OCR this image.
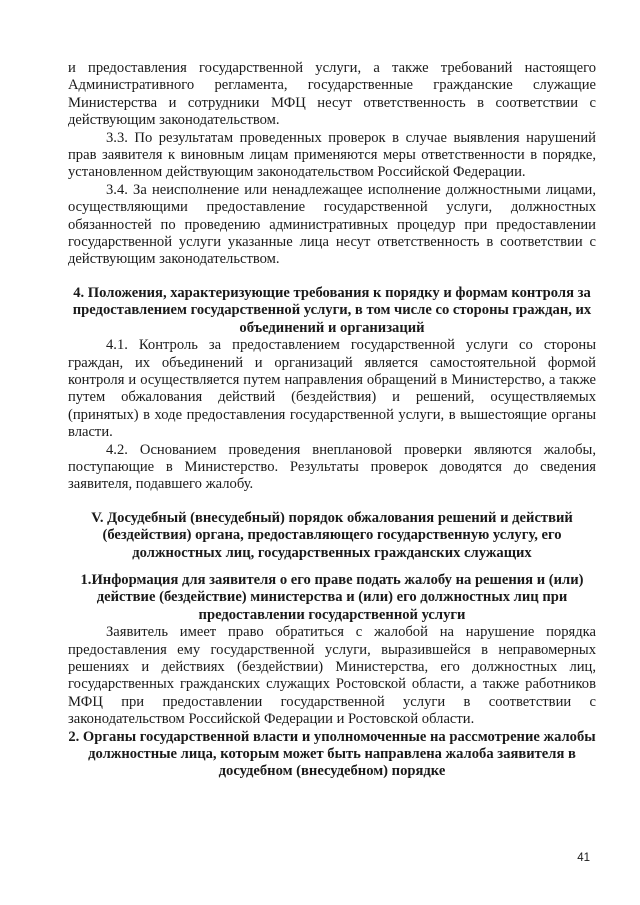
и предоставления государственной услуги, а также требований настоящего Административного регламента, государственные гражданские служащие Министерства и сотрудники МФЦ несут ответственность в соответствии с действующим законодательством.

3.3. По результатам проведенных проверок в случае выявления нарушений прав заявителя к виновным лицам применяются меры ответственности в порядке, установленном действующим законодательством Российской Федерации.

3.4. За неисполнение или ненадлежащее исполнение должностными лицами, осуществляющими предоставление государственной услуги, должностных обязанностей по проведению административных процедур при предоставлении государственной услуги указанные лица несут ответственность в соответствии с действующим законодательством.

4. Положения, характеризующие требования к порядку и формам контроля за предоставлением государственной услуги, в том числе со стороны граждан, их объединений и организаций

4.1. Контроль за предоставлением государственной услуги со стороны граждан, их объединений и организаций является самостоятельной формой контроля и осуществляется путем направления обращений в Министерство, а также путем обжалования действий (бездействия) и решений, осуществляемых (принятых) в ходе предоставления государственной услуги, в вышестоящие органы власти.

4.2. Основанием проведения внеплановой проверки являются жалобы, поступающие в Министерство. Результаты проверок доводятся до сведения заявителя, подавшего жалобу.

V. Досудебный (внесудебный) порядок обжалования решений и действий (бездействия) органа, предоставляющего государственную услугу, его должностных лиц, государственных гражданских служащих

1.Информация для заявителя о его праве подать жалобу на решения и (или) действие (бездействие) министерства и (или) его должностных лиц при предоставлении государственной услуги

Заявитель имеет право обратиться с жалобой на нарушение порядка предоставления ему государственной услуги, выразившейся в неправомерных решениях и действиях (бездействии) Министерства, его должностных лиц, государственных гражданских служащих Ростовской области, а также работников МФЦ при предоставлении государственной услуги в соответствии с законодательством Российской Федерации и Ростовской области.

2. Органы государственной власти и уполномоченные на рассмотрение жалобы должностные лица, которым может быть направлена жалоба заявителя в досудебном (внесудебном) порядке

41
